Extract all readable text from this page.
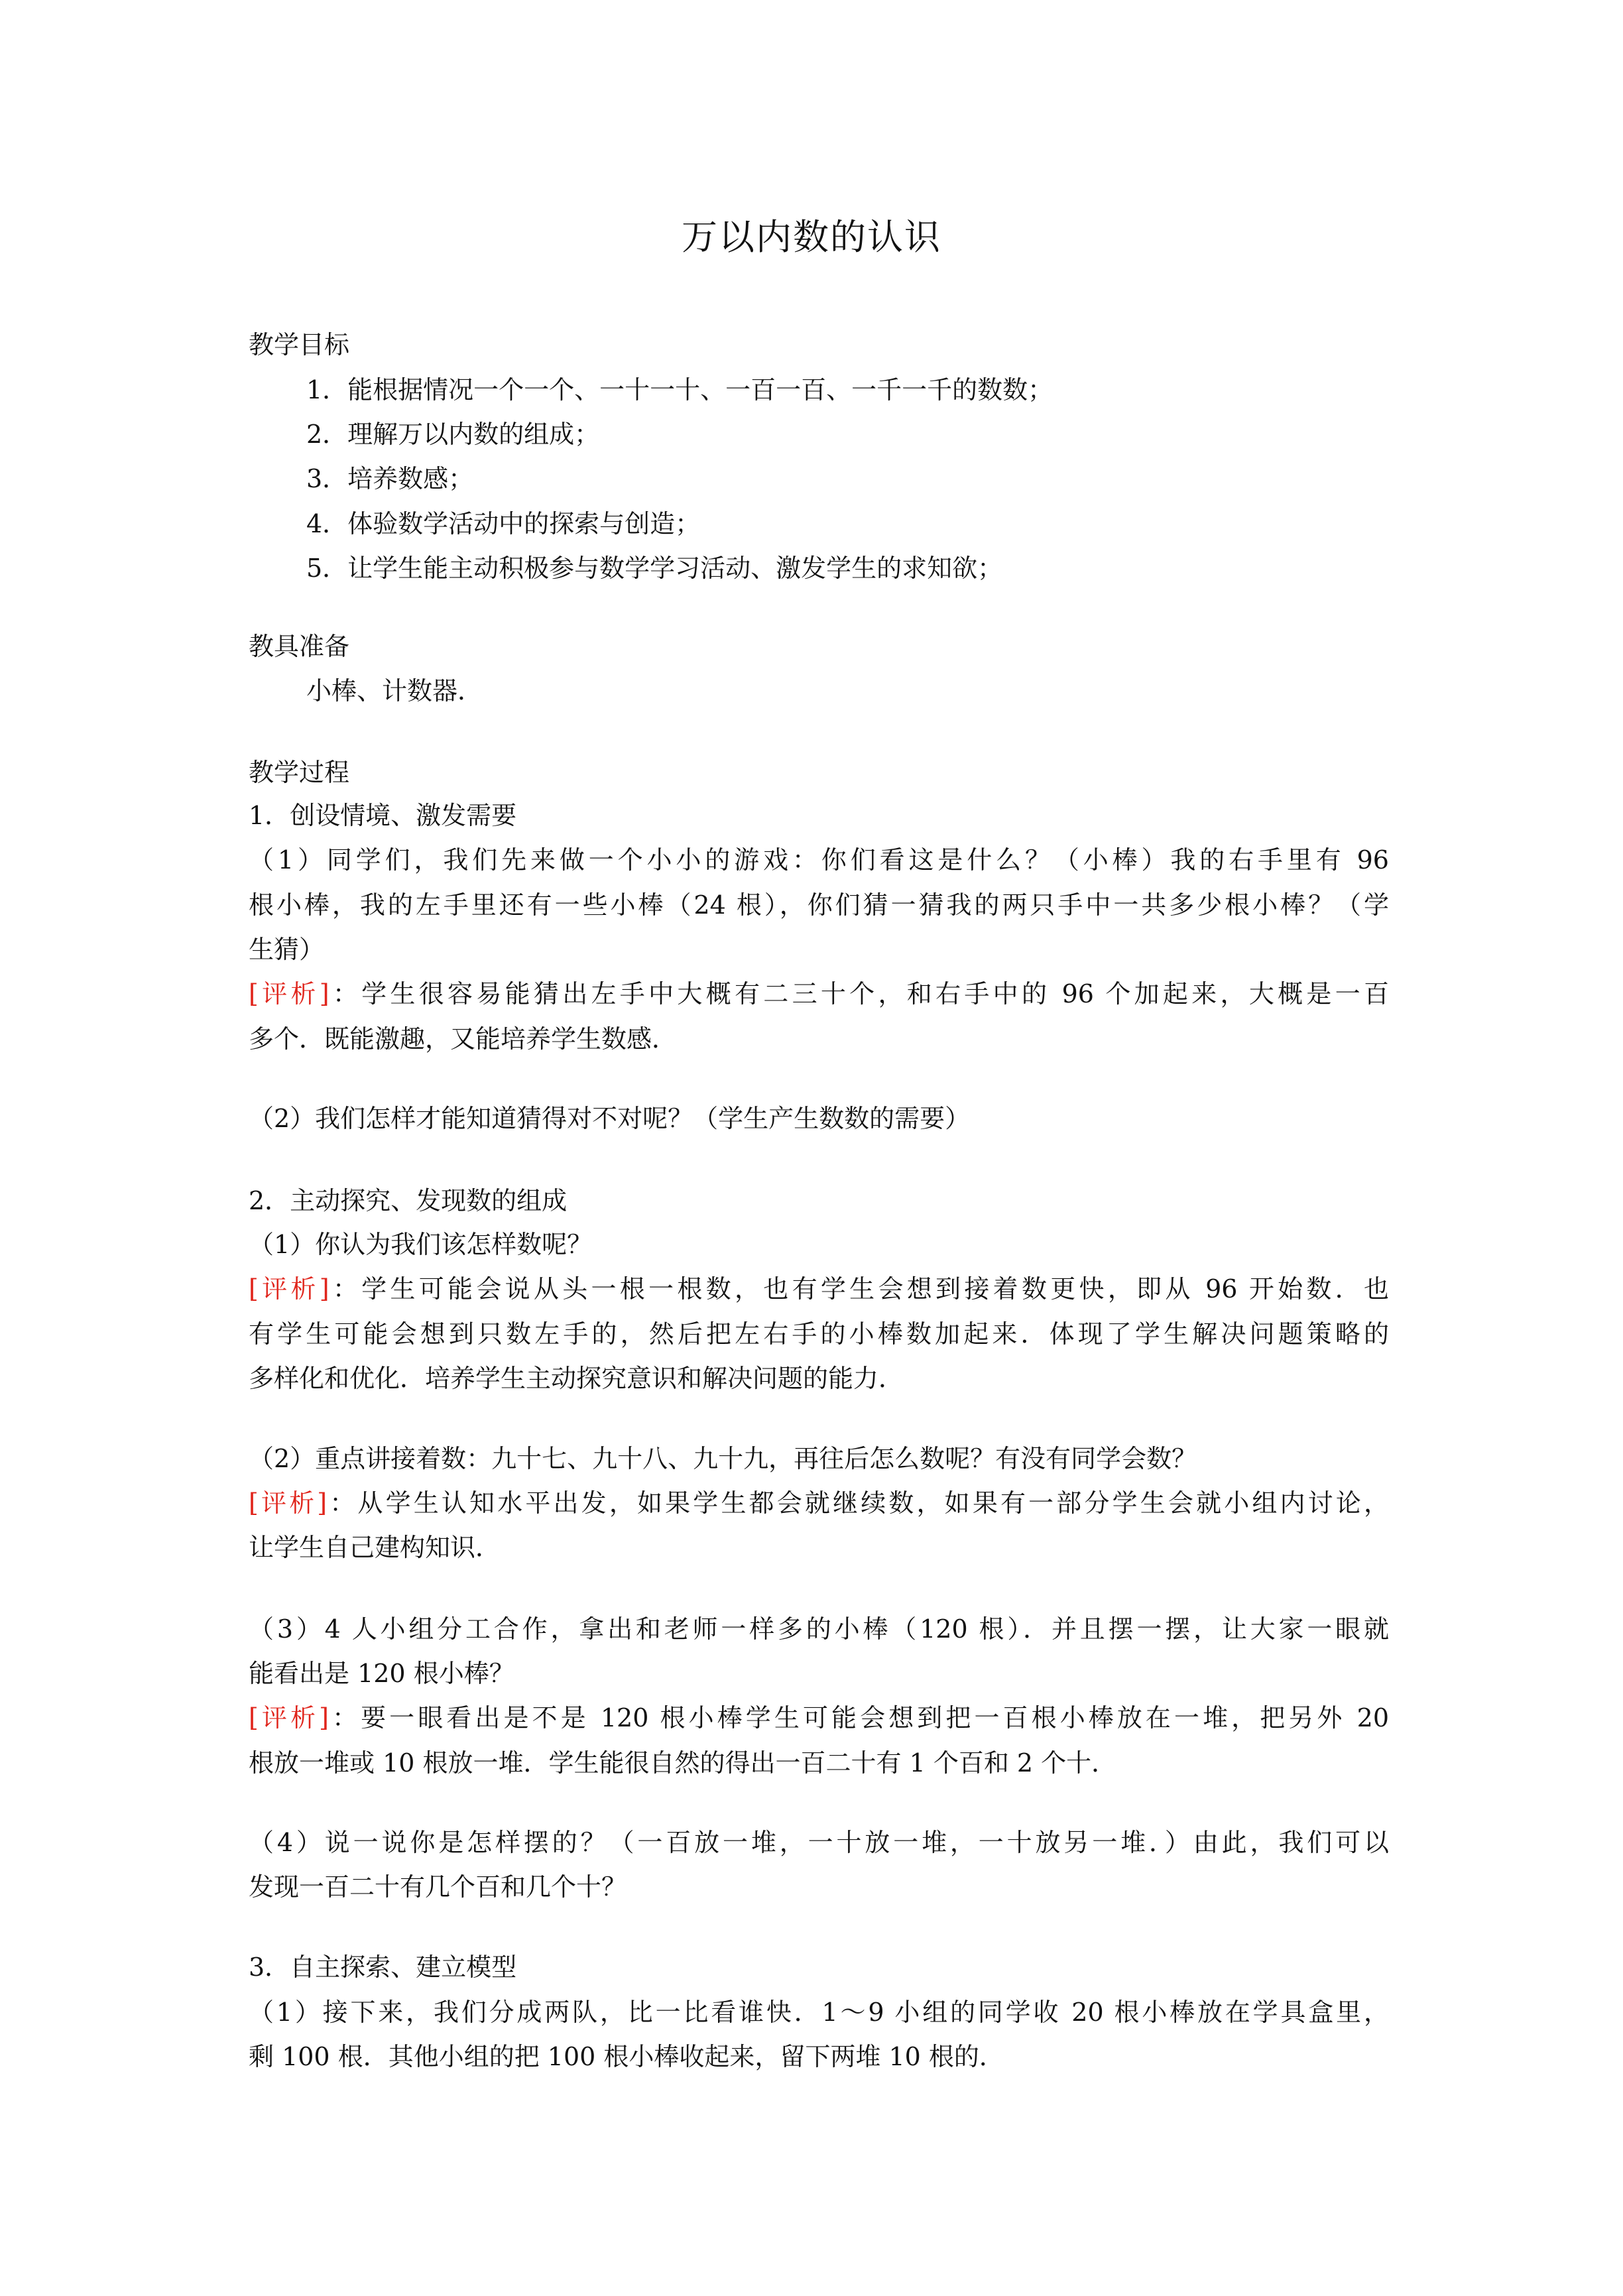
万以内数的认识
教学目标
1．能根据情况一个一个、一十一十、一百一百、一千一千的数数；
2．理解万以内数的组成；
3．培养数感；
4．体验数学活动中的探索与创造；
5．让学生能主动积极参与数学学习活动、激发学生的求知欲；
教具准备
小棒、计数器．
教学过程
1．创设情境、激发需要
（1）同学们，我们先来做一个小小的游戏：你们看这是什么？（小棒）我的右手里有 96
根小棒，我的左手里还有一些小棒（24 根），你们猜一猜我的两只手中一共多少根小棒？（学
生猜）
[评析]：学生很容易能猜出左手中大概有二三十个，和右手中的 96 个加起来，大概是一百
多个．既能激趣，又能培养学生数感．
（2）我们怎样才能知道猜得对不对呢？（学生产生数数的需要）
2．主动探究、发现数的组成
（1）你认为我们该怎样数呢？
[评析]：学生可能会说从头一根一根数，也有学生会想到接着数更快，即从 96 开始数．也
有学生可能会想到只数左手的，然后把左右手的小棒数加起来．体现了学生解决问题策略的
多样化和优化．培养学生主动探究意识和解决问题的能力．
（2）重点讲接着数：九十七、九十八、九十九，再往后怎么数呢？有没有同学会数？
[评析]：从学生认知水平出发，如果学生都会就继续数，如果有一部分学生会就小组内讨论，
让学生自己建构知识．
（3）4 人小组分工合作，拿出和老师一样多的小棒（120 根）．并且摆一摆，让大家一眼就
能看出是 120 根小棒？
[评析]：要一眼看出是不是 120 根小棒学生可能会想到把一百根小棒放在一堆，把另外 20
根放一堆或 10 根放一堆．学生能很自然的得出一百二十有 1 个百和 2 个十．
（4）说一说你是怎样摆的？（一百放一堆，一十放一堆，一十放另一堆．）由此，我们可以
发现一百二十有几个百和几个十？
3．自主探索、建立模型
（1）接下来，我们分成两队，比一比看谁快．1～9 小组的同学收 20 根小棒放在学具盒里，
剩 100 根．其他小组的把 100 根小棒收起来，留下两堆 10 根的．
